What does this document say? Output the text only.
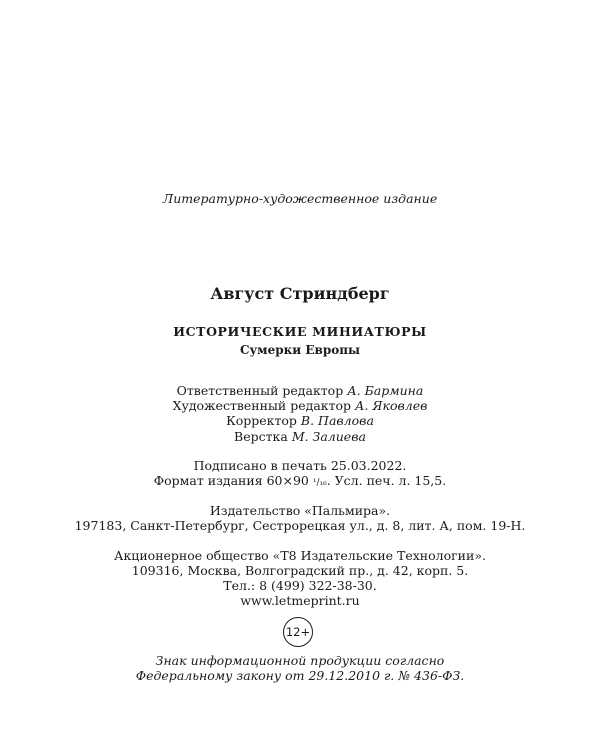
Литературно-художественное издание
Август Стриндберг
ИСТОРИЧЕСКИЕ МИНИАТЮРЫ
Сумерки Европы
Ответственный редактор А. Бармина
Художественный редактор А. Яковлев
Корректор В. Павлова
Верстка М. Залиева
Подписано в печать 25.03.2022.
Формат издания 60×90 ¹/₁₆. Усл. печ. л. 15,5.
Издательство «Пальмира».
197183, Санкт-Петербург, Сестрорецкая ул., д. 8, лит. А, пом. 19-Н.
Акционерное общество «Т8 Издательские Технологии».
109316, Москва, Волгоградский пр., д. 42, корп. 5.
Тел.: 8 (499) 322-38-30.
www.letmeprint.ru
12+
Знак информационной продукции согласно
Федеральному закону от 29.12.2010 г. № 436-ФЗ.
